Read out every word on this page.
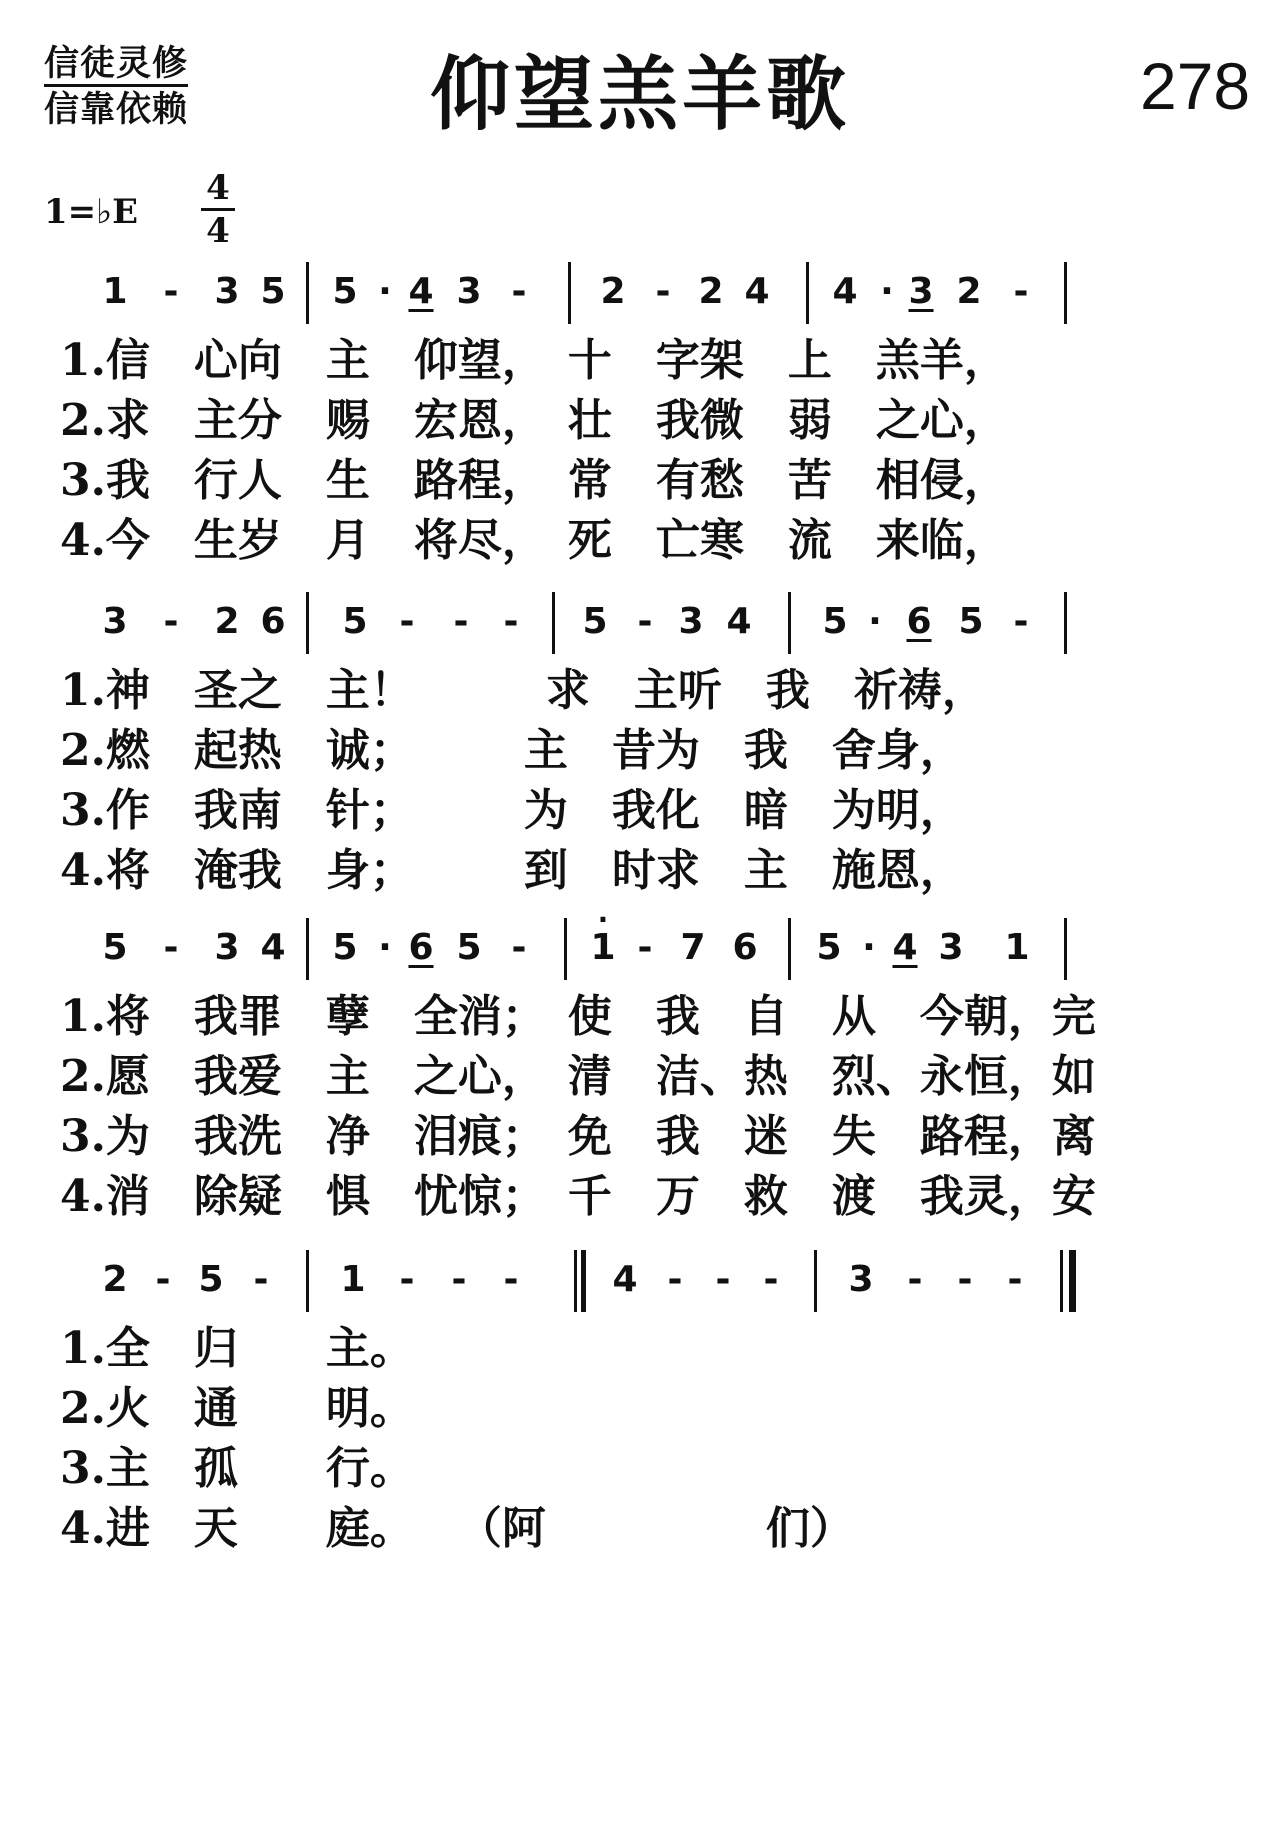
信徒灵修
信靠依赖	仰望羔羊歌	278
1=♭E
4
4
1 - 3 5 5 · 4 3 - 2 - 2 4 4 · 3 2 -
1.信　心向　主　仰望，　十　字架　上　羔羊，
2.求　主分　赐　宏恩，　壮　我微　弱　之心，
3.我　行人　生　路程，　常　有愁　苦　相侵，
4.今　生岁　月　将尽，　死　亡寒　流　来临，
3 - 2 6 5 - - - 5 - 3 4 5 · 6 5 -
1.神　圣之　主！　　　求　主听　我　祈祷，
2.燃　起热　诚；　　　主　昔为　我　舍身，
3.作　我南　针；　　　为　我化　暗　为明，
4.将　淹我　身；　　　到　时求　主　施恩，
5 - 3 4 5 · 6 5 -
· 1 - 7 6 5 · 4 3 1
1.将　我罪　孽　全消；　使　我　自　从　今朝，完
2.愿　我爱　主　之心，　清　洁、热　烈、永恒，如
3.为　我洗　净　泪痕；　免　我　迷　失　路程，离
4.消　除疑　惧　忧惊；　千　万　救　渡　我灵，安
2 - 5 - 1 - - -	4 - - - 3 - - -
1.全　归　　主。
2.火　通　　明。
3.主　孤　　行。
4.进　天　　庭。　　（阿　　　　　们）
